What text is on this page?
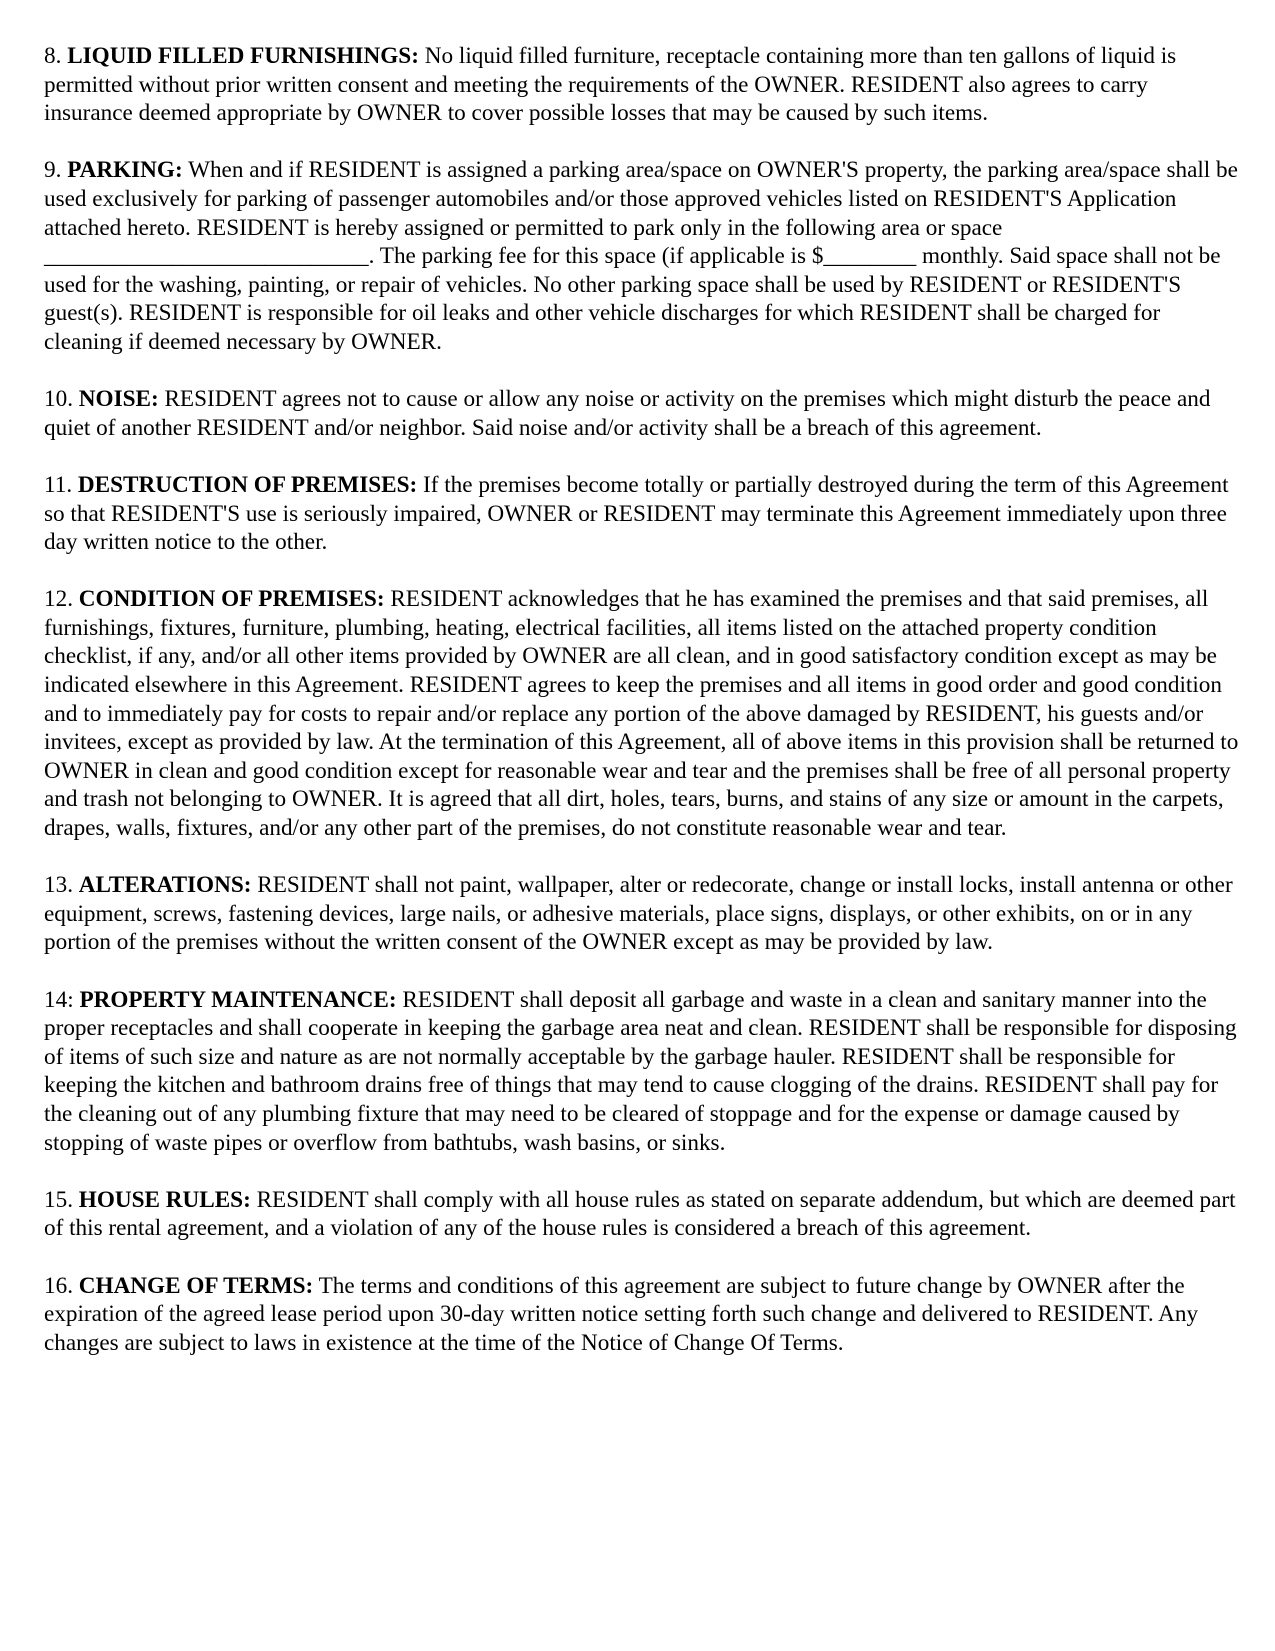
8. LIQUID FILLED FURNISHINGS: No liquid filled furniture, receptacle containing more than ten gallons of liquid is permitted without prior written consent and meeting the requirements of the OWNER. RESIDENT also agrees to carry insurance deemed appropriate by OWNER to cover possible losses that may be caused by such items.

9. PARKING: When and if RESIDENT is assigned a parking area/space on OWNER'S property, the parking area/space shall be used exclusively for parking of passenger automobiles and/or those approved vehicles listed on RESIDENT'S Application attached hereto. RESIDENT is hereby assigned or permitted to park only in the following area or space ____________________________. The parking fee for this space (if applicable is $________ monthly. Said space shall not be used for the washing, painting, or repair of vehicles. No other parking space shall be used by RESIDENT or RESIDENT'S guest(s). RESIDENT is responsible for oil leaks and other vehicle discharges for which RESIDENT shall be charged for cleaning if deemed necessary by OWNER.

10. NOISE: RESIDENT agrees not to cause or allow any noise or activity on the premises which might disturb the peace and quiet of another RESIDENT and/or neighbor. Said noise and/or activity shall be a breach of this agreement.

11. DESTRUCTION OF PREMISES: If the premises become totally or partially destroyed during the term of this Agreement so that RESIDENT'S use is seriously impaired, OWNER or RESIDENT may terminate this Agreement immediately upon three day written notice to the other.

12. CONDITION OF PREMISES: RESIDENT acknowledges that he has examined the premises and that said premises, all furnishings, fixtures, furniture, plumbing, heating, electrical facilities, all items listed on the attached property condition checklist, if any, and/or all other items provided by OWNER are all clean, and in good satisfactory condition except as may be indicated elsewhere in this Agreement. RESIDENT agrees to keep the premises and all items in good order and good condition and to immediately pay for costs to repair and/or replace any portion of the above damaged by RESIDENT, his guests and/or invitees, except as provided by law. At the termination of this Agreement, all of above items in this provision shall be returned to OWNER in clean and good condition except for reasonable wear and tear and the premises shall be free of all personal property and trash not belonging to OWNER. It is agreed that all dirt, holes, tears, burns, and stains of any size or amount in the carpets, drapes, walls, fixtures, and/or any other part of the premises, do not constitute reasonable wear and tear.

13. ALTERATIONS: RESIDENT shall not paint, wallpaper, alter or redecorate, change or install locks, install antenna or other equipment, screws, fastening devices, large nails, or adhesive materials, place signs, displays, or other exhibits, on or in any portion of the premises without the written consent of the OWNER except as may be provided by law.

14: PROPERTY MAINTENANCE: RESIDENT shall deposit all garbage and waste in a clean and sanitary manner into the proper receptacles and shall cooperate in keeping the garbage area neat and clean. RESIDENT shall be responsible for disposing of items of such size and nature as are not normally acceptable by the garbage hauler. RESIDENT shall be responsible for keeping the kitchen and bathroom drains free of things that may tend to cause clogging of the drains. RESIDENT shall pay for the cleaning out of any plumbing fixture that may need to be cleared of stoppage and for the expense or damage caused by stopping of waste pipes or overflow from bathtubs, wash basins, or sinks.

15. HOUSE RULES: RESIDENT shall comply with all house rules as stated on separate addendum, but which are deemed part of this rental agreement, and a violation of any of the house rules is considered a breach of this agreement.

16. CHANGE OF TERMS: The terms and conditions of this agreement are subject to future change by OWNER after the expiration of the agreed lease period upon 30-day written notice setting forth such change and delivered to RESIDENT. Any changes are subject to laws in existence at the time of the Notice of Change Of Terms.
